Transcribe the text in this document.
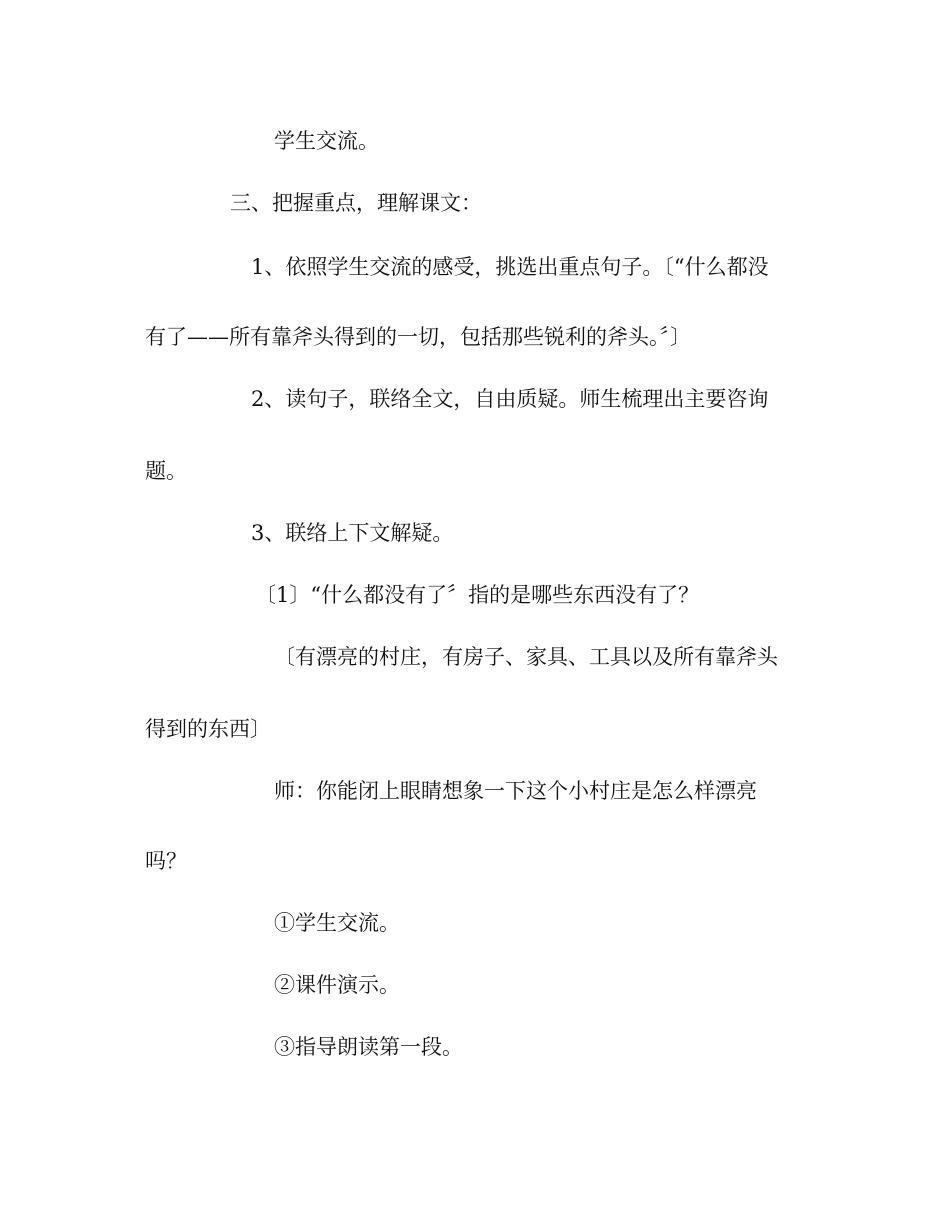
学生交流。

三、把握重点，理解课文：

1、依照学生交流的感受，挑选出重点句子。〔“什么都没

有了——所有靠斧头得到的一切，包括那些锐利的斧头。〞〕

2、读句子，联络全文，自由质疑。师生梳理出主要咨询

题。

3、联络上下文解疑。

〔1〕“什么都没有了〞指的是哪些东西没有了？

〔有漂亮的村庄，有房子、家具、工具以及所有靠斧头

得到的东西〕

师：你能闭上眼睛想象一下这个小村庄是怎么样漂亮

吗？

①学生交流。

②课件演示。

③指导朗读第一段。
